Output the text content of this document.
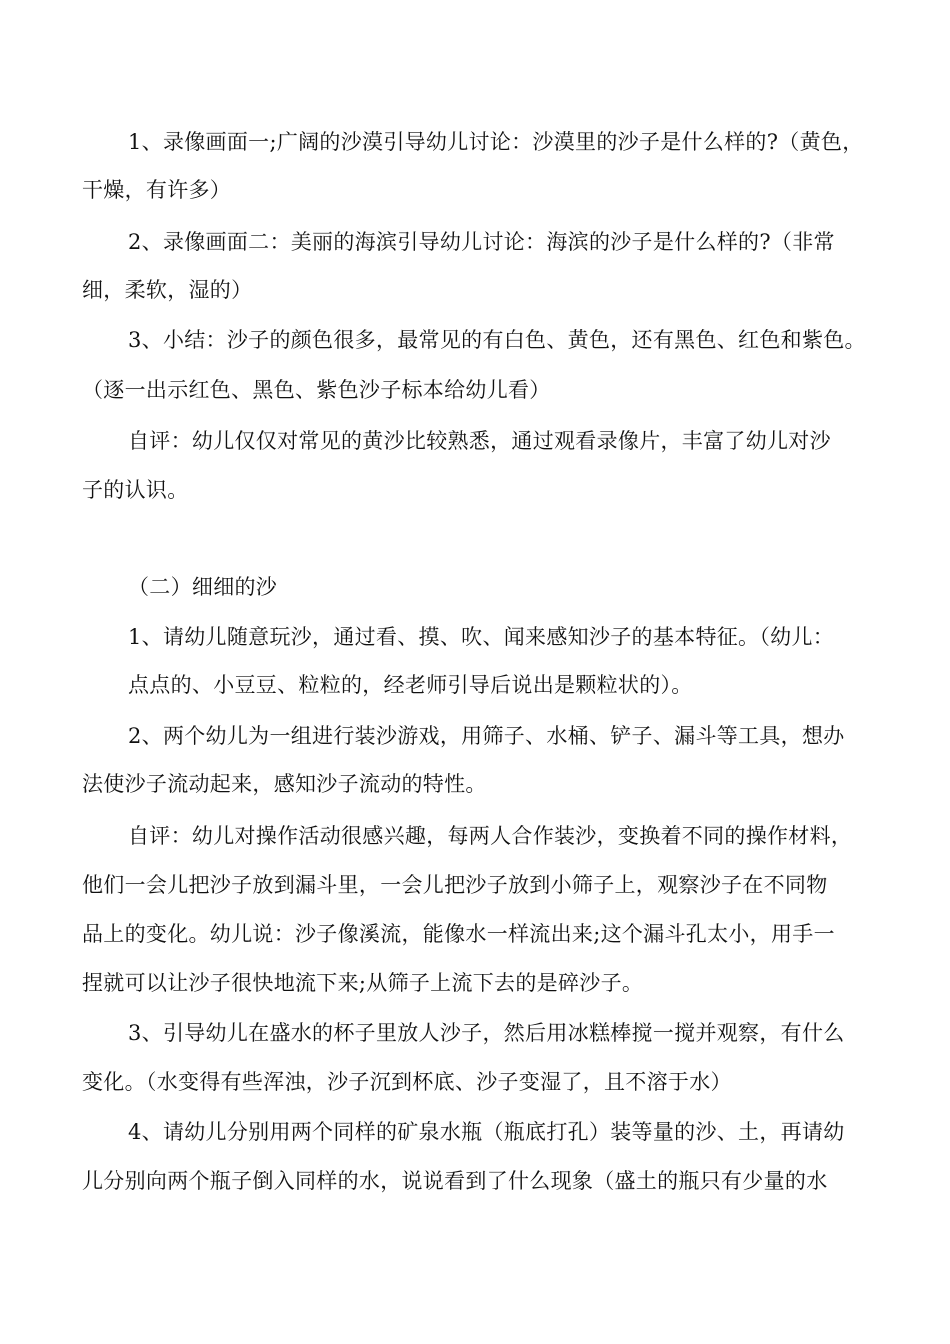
1、录像画面一;广阔的沙漠引导幼儿讨论：沙漠里的沙子是什么样的?（黄色，
干燥，有许多）
2、录像画面二：美丽的海滨引导幼儿讨论：海滨的沙子是什么样的?（非常
细，柔软，湿的）
3、小结：沙子的颜色很多，最常见的有白色、黄色，还有黑色、红色和紫色。
（逐一出示红色、黑色、紫色沙子标本给幼儿看）
自评：幼儿仅仅对常见的黄沙比较熟悉，通过观看录像片，丰富了幼儿对沙
子的认识。
（二）细细的沙
1、请幼儿随意玩沙，通过看、摸、吹、闻来感知沙子的基本特征。（幼儿：
点点的、小豆豆、粒粒的，经老师引导后说出是颗粒状的）。
2、两个幼儿为一组进行装沙游戏，用筛子、水桶、铲子、漏斗等工具，想办
法使沙子流动起来，感知沙子流动的特性。
自评：幼儿对操作活动很感兴趣，每两人合作装沙，变换着不同的操作材料，
他们一会儿把沙子放到漏斗里，一会儿把沙子放到小筛子上，观察沙子在不同物
品上的变化。幼儿说：沙子像溪流，能像水一样流出来;这个漏斗孔太小，用手一
捏就可以让沙子很快地流下来;从筛子上流下去的是碎沙子。
3、引导幼儿在盛水的杯子里放人沙子，然后用冰糕棒搅一搅并观察，有什么
变化。（水变得有些浑浊，沙子沉到杯底、沙子变湿了，且不溶于水）
4、请幼儿分别用两个同样的矿泉水瓶（瓶底打孔）装等量的沙、土，再请幼
儿分别向两个瓶子倒入同样的水，说说看到了什么现象（盛土的瓶只有少量的水
